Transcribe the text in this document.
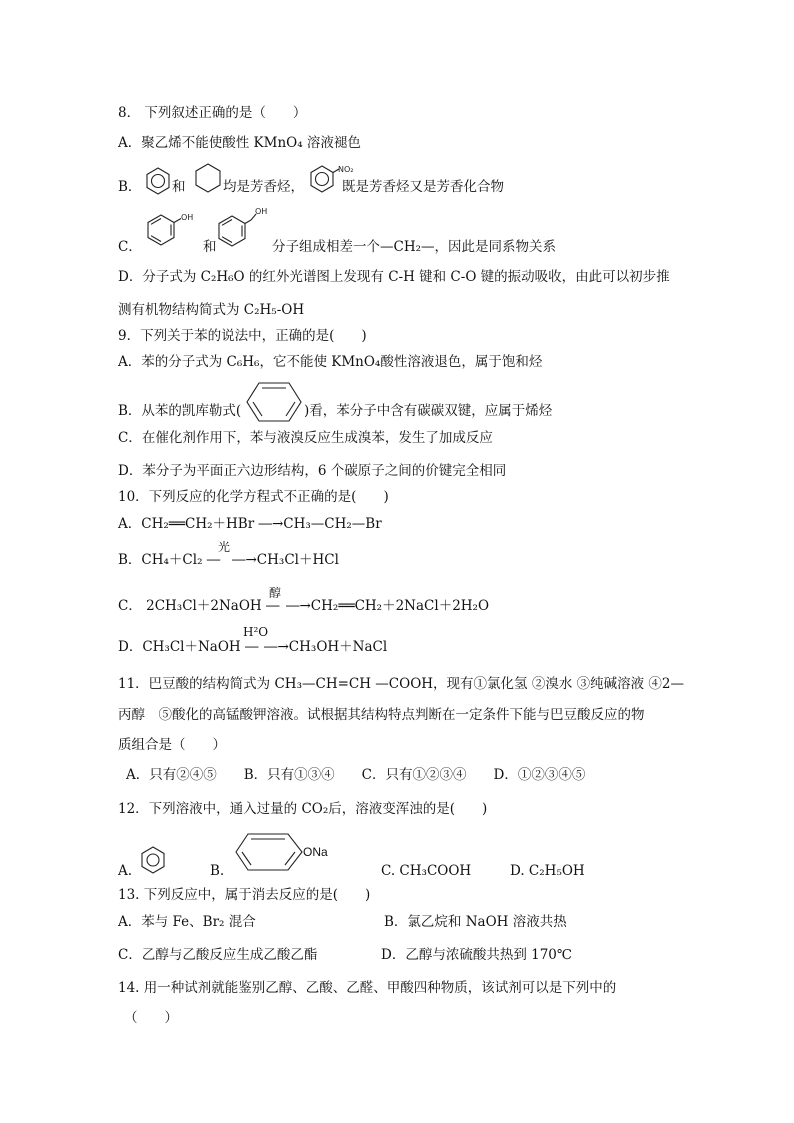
8． 下列叙述正确的是（　　）
A．聚乙烯不能使酸性 KMnO₄ 溶液褪色
B． 和	均是芳香烃，
NO₂
既是芳香烃又是芳香化合物
C．
OH
和
OH
分子组成相差一个—CH₂—，因此是同系物关系
D．分子式为 C₂H₆O 的红外光谱图上发现有 C-H 键和 C-O 键的振动吸收，由此可以初步推
测有机物结构简式为 C₂H₅-OH
9．下列关于苯的说法中，正确的是(　　)
A．苯的分子式为 C₆H₆，它不能使 KMnO₄酸性溶液退色，属于饱和烃
B．从苯的凯库勒式(	)看，苯分子中含有碳碳双键，应属于烯烃
C．在催化剂作用下，苯与液溴反应生成溴苯，发生了加成反应
D．苯分子为平面正六边形结构，6 个碳原子之间的价键完全相同
10．下列反应的化学方程式不正确的是(　　)
A．CH₂══CH₂＋HBr ―→CH₃—CH₂—Br
B．CH₄＋Cl₂ ―
光
―→CH₃Cl＋HCl
C． 2CH₃Cl＋2NaOH ―
醇
―→CH₂══CH₂＋2NaCl＋2H₂O
D．CH₃Cl＋NaOH ―
H²O
―→CH₃OH＋NaCl
11．巴豆酸的结构简式为 CH₃—CH=CH —COOH，现有①氯化氢 ②溴水 ③纯碱溶液 ④2—
丙醇　⑤酸化的高锰酸钾溶液。试根据其结构特点判断在一定条件下能与巴豆酸反应的物
质组合是（　　）
A．只有②④⑤　　B．只有①③④　　C．只有①②③④　　D．①②③④⑤
12．下列溶液中，通入过量的 CO₂后，溶液变浑浊的是(　　)
A.	B.
ONa
C. CH₃COOH	D. C₂H₅OH
13. 下列反应中，属于消去反应的是(　　)
A．苯与 Fe、Br₂ 混合	B．氯乙烷和 NaOH 溶液共热
C．乙醇与乙酸反应生成乙酸乙酯	D．乙醇与浓硫酸共热到 170℃
14. 用一种试剂就能鉴别乙醇、乙酸、乙醛、甲酸四种物质，该试剂可以是下列中的
（　　）
